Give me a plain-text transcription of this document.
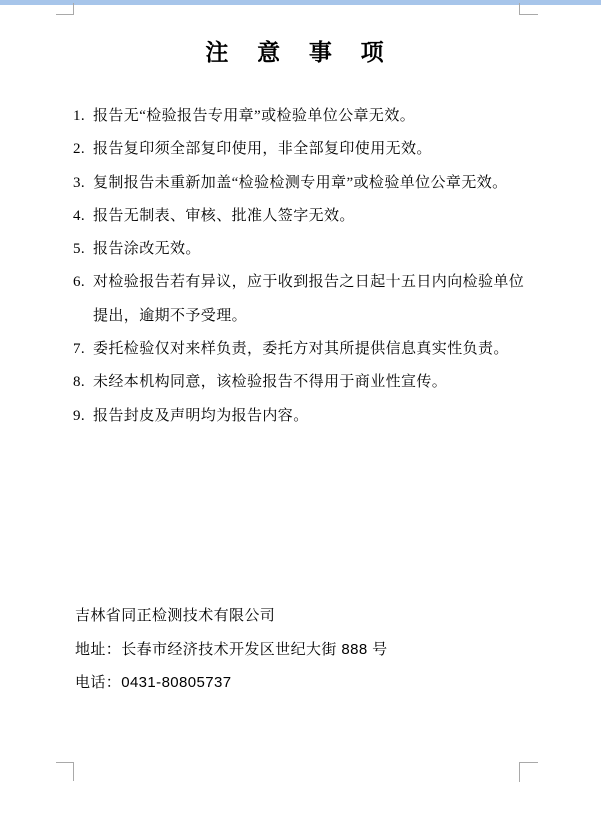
注 意 事 项
1. 报告无“检验报告专用章”或检验单位公章无效。
2. 报告复印须全部复印使用，非全部复印使用无效。
3. 复制报告未重新加盖“检验检测专用章”或检验单位公章无效。
4. 报告无制表、审核、批准人签字无效。
5. 报告涂改无效。
6. 对检验报告若有异议，应于收到报告之日起十五日内向检验单位
提出，逾期不予受理。
7. 委托检验仅对来样负责，委托方对其所提供信息真实性负责。
8. 未经本机构同意，该检验报告不得用于商业性宣传。
9. 报告封皮及声明均为报告内容。
吉林省同正检测技术有限公司
地址：长春市经济技术开发区世纪大街 888 号
电话：0431-80805737
